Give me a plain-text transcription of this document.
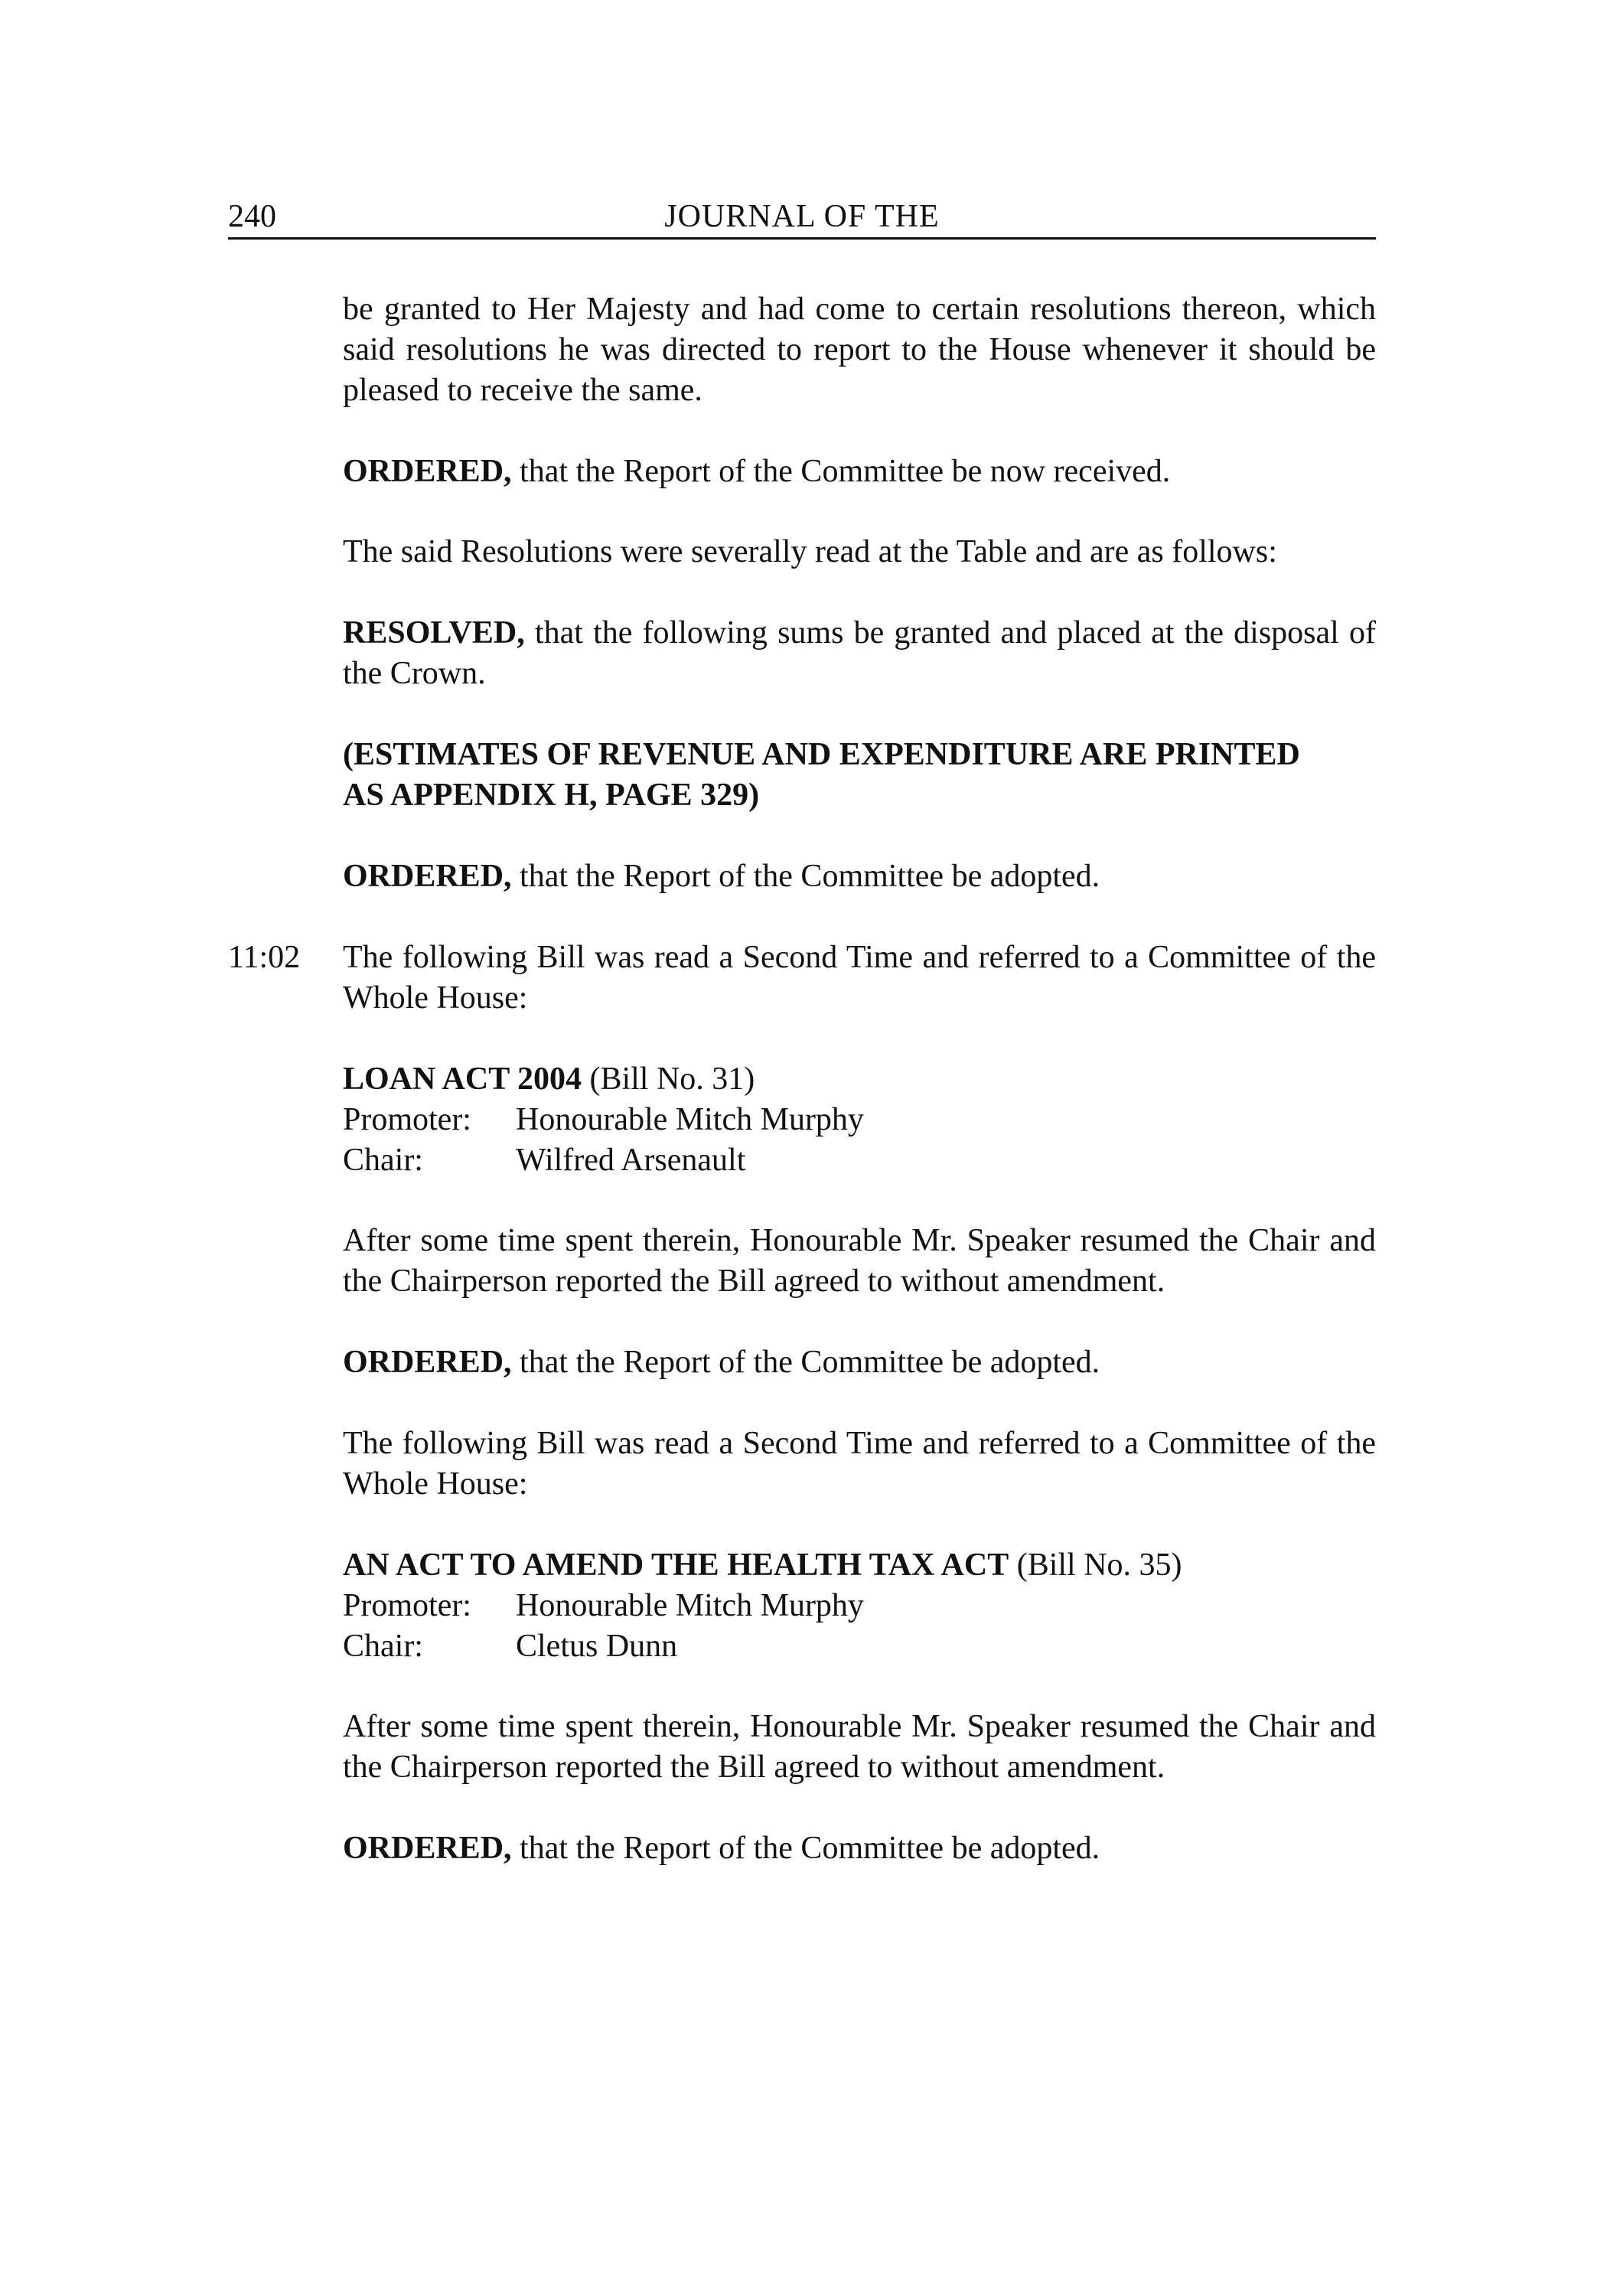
240	JOURNAL OF THE

be granted to Her Majesty and had come to certain resolutions thereon, which said resolutions he was directed to report to the House whenever it should be pleased to receive the same.

ORDERED, that the Report of the Committee be now received.

The said Resolutions were severally read at the Table and are as follows:

RESOLVED, that the following sums be granted and placed at the disposal of the Crown.

(ESTIMATES OF REVENUE AND EXPENDITURE ARE PRINTED
AS APPENDIX H, PAGE 329)

ORDERED, that the Report of the Committee be adopted.

11:02 The following Bill was read a Second Time and referred to a Committee of the Whole House:

LOAN ACT 2004 (Bill No. 31)
Promoter:	Honourable Mitch Murphy
Chair:	Wilfred Arsenault

After some time spent therein, Honourable Mr. Speaker resumed the Chair and the Chairperson reported the Bill agreed to without amendment.

ORDERED, that the Report of the Committee be adopted.

The following Bill was read a Second Time and referred to a Committee of the Whole House:

AN ACT TO AMEND THE HEALTH TAX ACT (Bill No. 35)
Promoter:	Honourable Mitch Murphy
Chair:	Cletus Dunn

After some time spent therein, Honourable Mr. Speaker resumed the Chair and the Chairperson reported the Bill agreed to without amendment.

ORDERED, that the Report of the Committee be adopted.
